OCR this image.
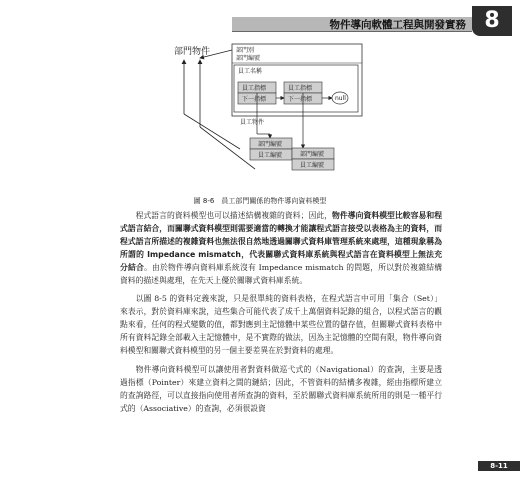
物件導向軟體工程與開發實務 8
部門物件	部門別
部門編號
員工名稱
員工指標
下一指標
員工指標
下一指標	null
員工物件
部門編號
員工編號	部門編號
員工編號
圖 8-6　員工部門關係的物件導向資料模型

程式語言的資料模型也可以描述結構複雜的資料；因此，物件導向資料模型比較容易和程式語言結合，而關聯式資料模型則需要適當的轉換才能讓程式語言接受以表格為主的資料，而程式語言所描述的複雜資料也無法很自然地透過關聯式資料庫管理系統來處理，這種現象稱為所謂的 Impedance mismatch，代表關聯式資料庫系統與程式語言在資料模型上無法充分結合。由於物件導向資料庫系統沒有 Impedance mismatch 的問題，所以對於複雜結構資料的描述與處理，在先天上優於關聯式資料庫系統。

以圖 8-5 的資料定義來說，只是很單純的資料表格，在程式語言中可用「集合（Set）」來表示，對於資料庫來說，這些集合可能代表了成千上萬個資料記錄的組合，以程式語言的觀點來看，任何的程式變數的值，都對應到主記憶體中某些位置的儲存值，但關聯式資料表格中所有資料記錄全部載入主記憶體中，是不實際的做法，因為主記憶體的空間有限，物件導向資料模型和關聯式資料模型的另一個主要差異在於對資料的處理。

物件導向資料模型可以讓使用者對資料做巡弋式的（Navigational）的查詢，主要是透過指標（Pointer）來建立資料之間的鏈結；因此，不管資料的結構多複雜，經由指標所建立的查詢路徑，可以直接指向使用者所查詢的資料，至於關聯式資料庫系統所用的則是一種平行式的（Associative）的查詢，必須很設資

8-11
